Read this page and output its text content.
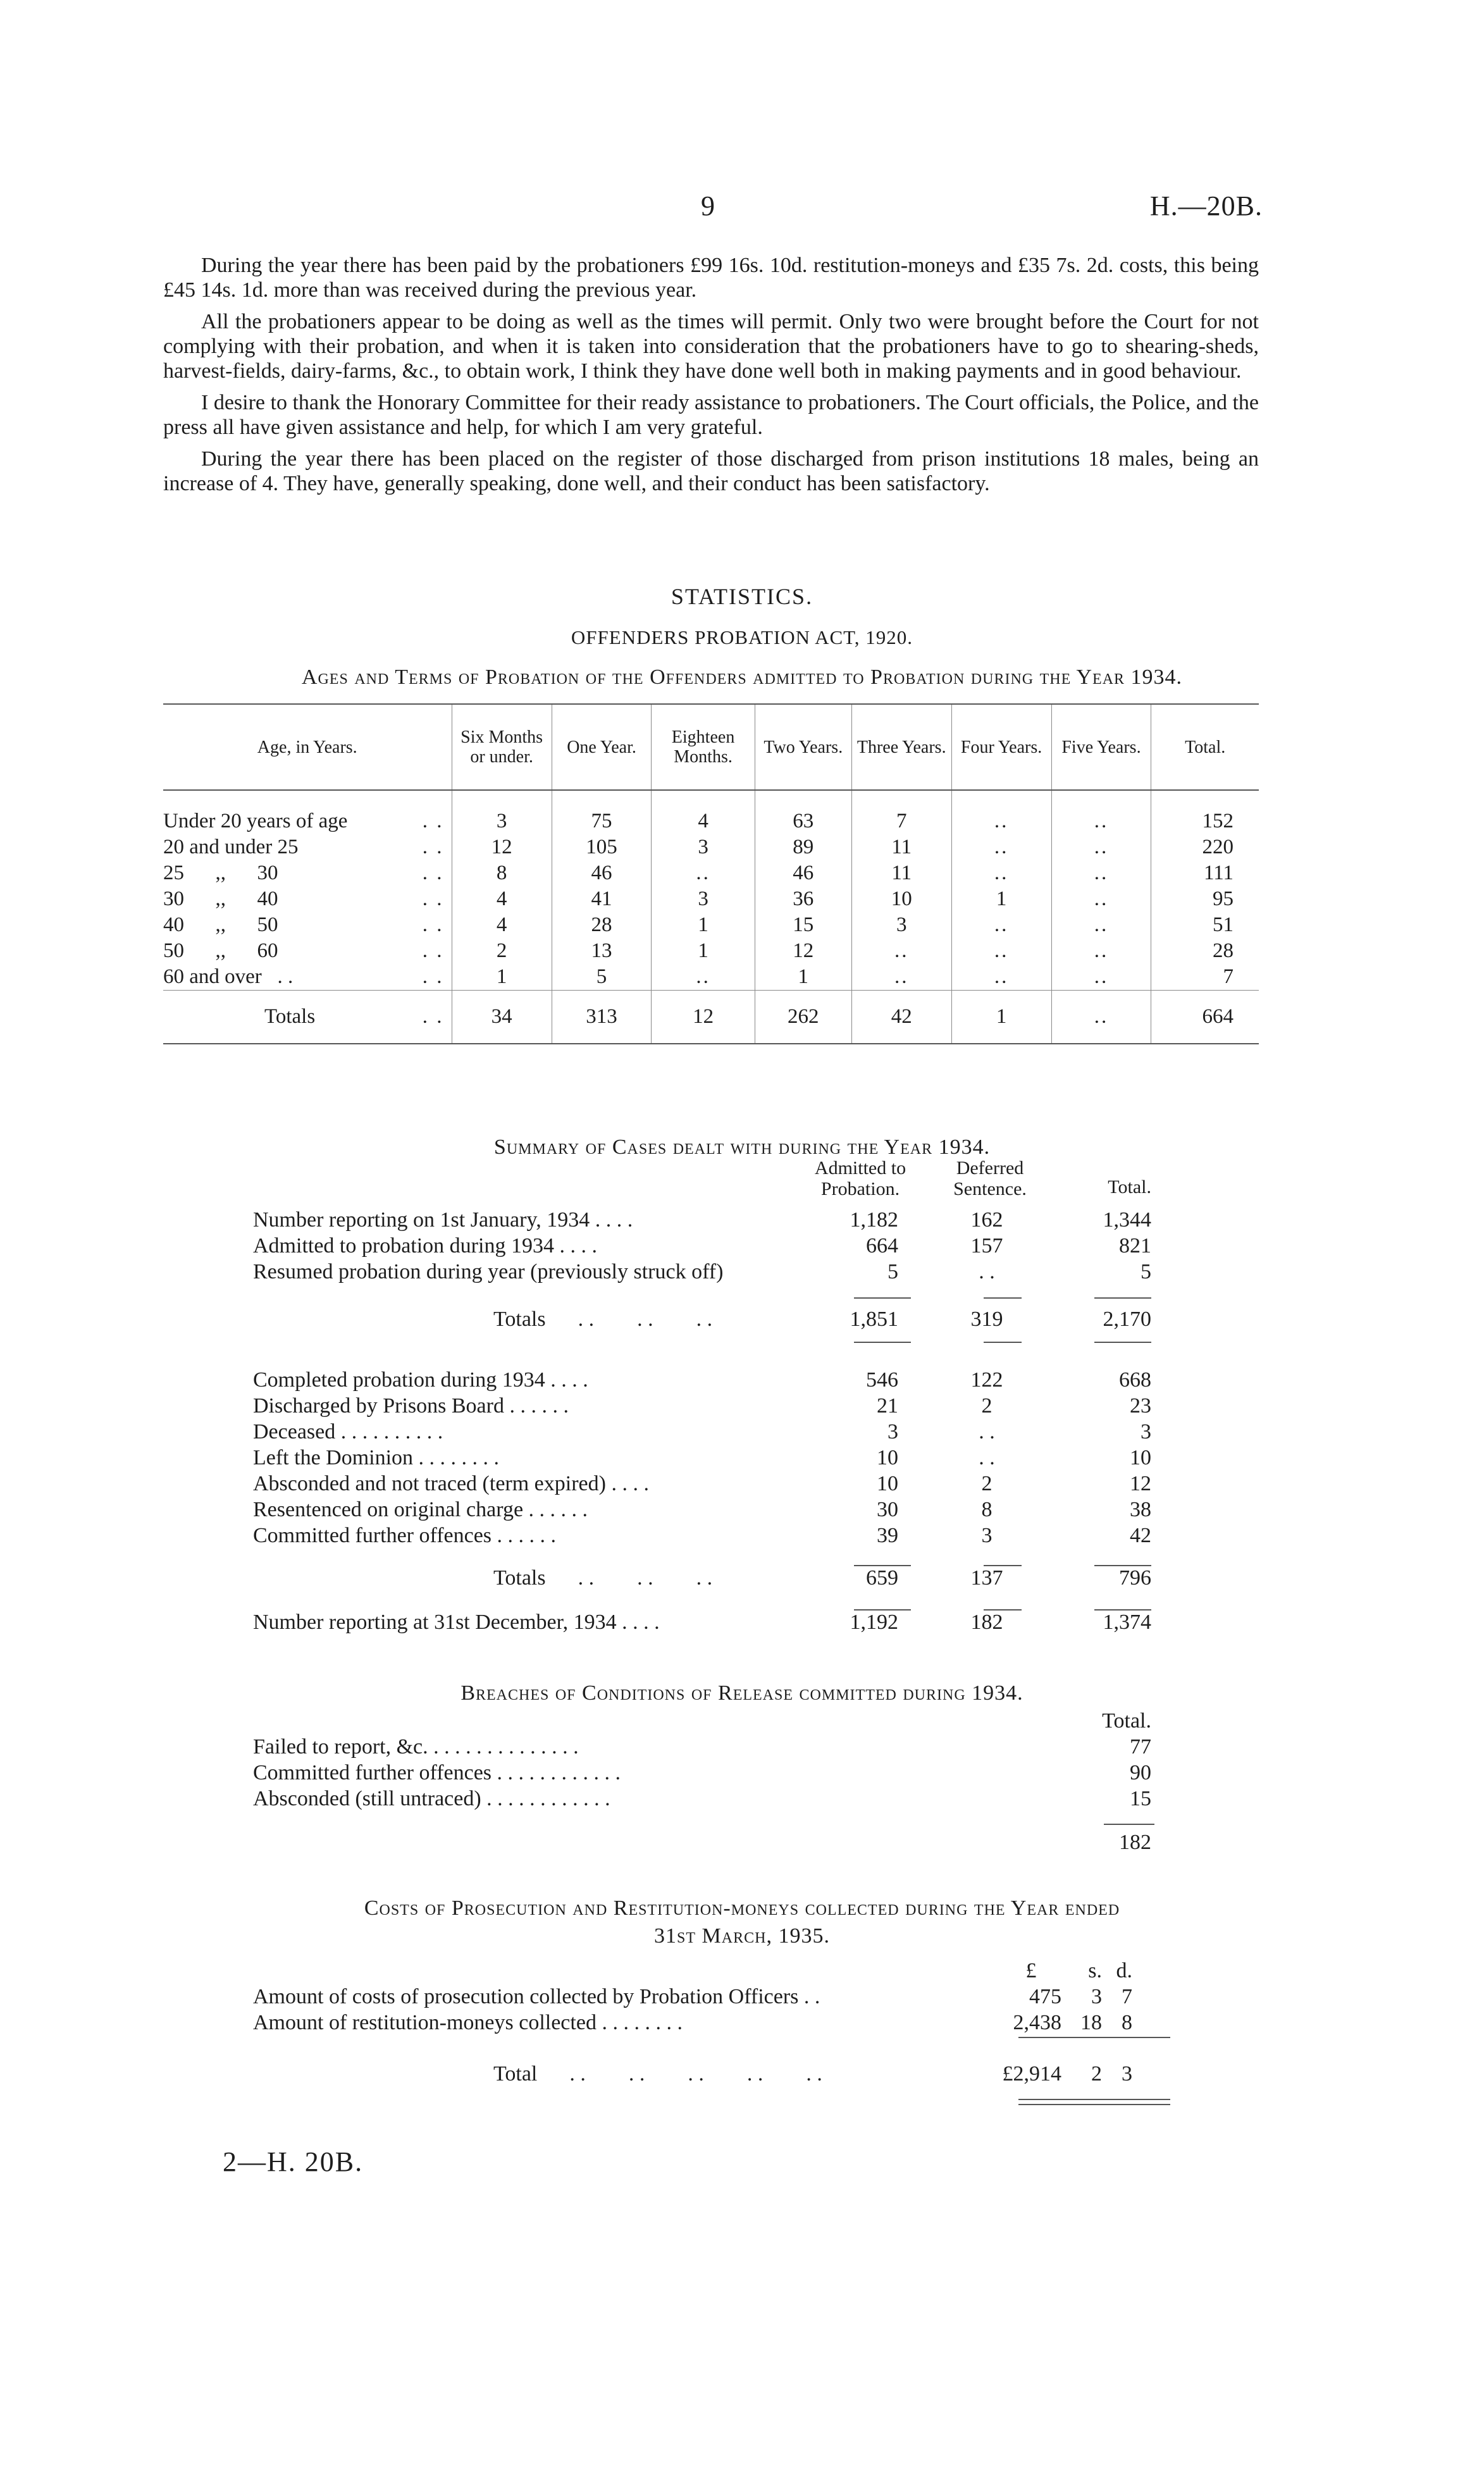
9	H.—20B.

During the year there has been paid by the probationers £99 16s. 10d. restitution-moneys and £35 7s. 2d. costs, this being £45 14s. 1d. more than was received during the previous year.

All the probationers appear to be doing as well as the times will permit. Only two were brought before the Court for not complying with their probation, and when it is taken into consideration that the probationers have to go to shearing-sheds, harvest-fields, dairy-farms, &c., to obtain work, I think they have done well both in making payments and in good behaviour.

I desire to thank the Honorary Committee for their ready assistance to probationers. The Court officials, the Police, and the press all have given assistance and help, for which I am very grateful.

During the year there has been placed on the register of those discharged from prison institutions 18 males, being an increase of 4. They have, generally speaking, done well, and their conduct has been satisfactory.

STATISTICS.
OFFENDERS PROBATION ACT, 1920.
Ages and Terms of Probation of the Offenders admitted to Probation during the Year 1934.
Age, in Years.	Six Months or under.	One Year.	Eighteen Months.	Two Years.	Three Years.	Four Years.	Five Years.	Total.
Under 20 years of age . .	3	75	4	63	7	..	..	152
20 and under 25 . .	12	105	3	89	11	..	..	220
25      ,,      30 . .	8	46	..	46	11	..	..	111
30      ,,      40 . .	4	41	3	36	10	1	..	95
40      ,,      50 . .	4	28	1	15	3	..	..	51
50      ,,      60 . .	2	13	1	12	..	..	..	28
60 and over   . . . .	1	5	..	1	..	..	..	7
Totals . .	34	313	12	262	42	1	..	664
Summary of Cases dealt with during the Year 1934.
Admitted to Probation.
Deferred Sentence.	Total.
Number reporting on 1st January, 1934 . . . .	1,182	162	1,344
Admitted to probation during 1934 . . . .	664	157	821
Resumed probation during year (previously struck off)	5	. .	5
Totals      . .        . .        . .	1,851	319	2,170
Completed probation during 1934 . . . .	546	122	668
Discharged by Prisons Board . . . . . .	21	2	23
Deceased . . . . . . . . . .	3	. .	3
Left the Dominion . . . . . . . .	10	. .	10
Absconded and not traced (term expired) . . . .	10	2	12
Resentenced on original charge . . . . . .	30	8	38
Committed further offences . . . . . .	39	3	42
Totals      . .        . .        . .	659	137	796
Number reporting at 31st December, 1934 . . . .	1,192	182	1,374
Breaches of Conditions of Release committed during 1934.
Total.
Failed to report, &c. . . . . . . . . . . . . . .	77
Committed further offences . . . . . . . . . . . .	90
Absconded (still untraced) . . . . . . . . . . . .	15
182
Costs of Prosecution and Restitution-moneys collected during the Year ended
31st March, 1935.
£	s. d.
Amount of costs of prosecution collected by Probation Officers . .	475	3 7
Amount of restitution-moneys collected . . . . . . . .	2,438 18 8
Total      . .        . .        . .        . .        . .	£2,914	2 3
2—H. 20B.
